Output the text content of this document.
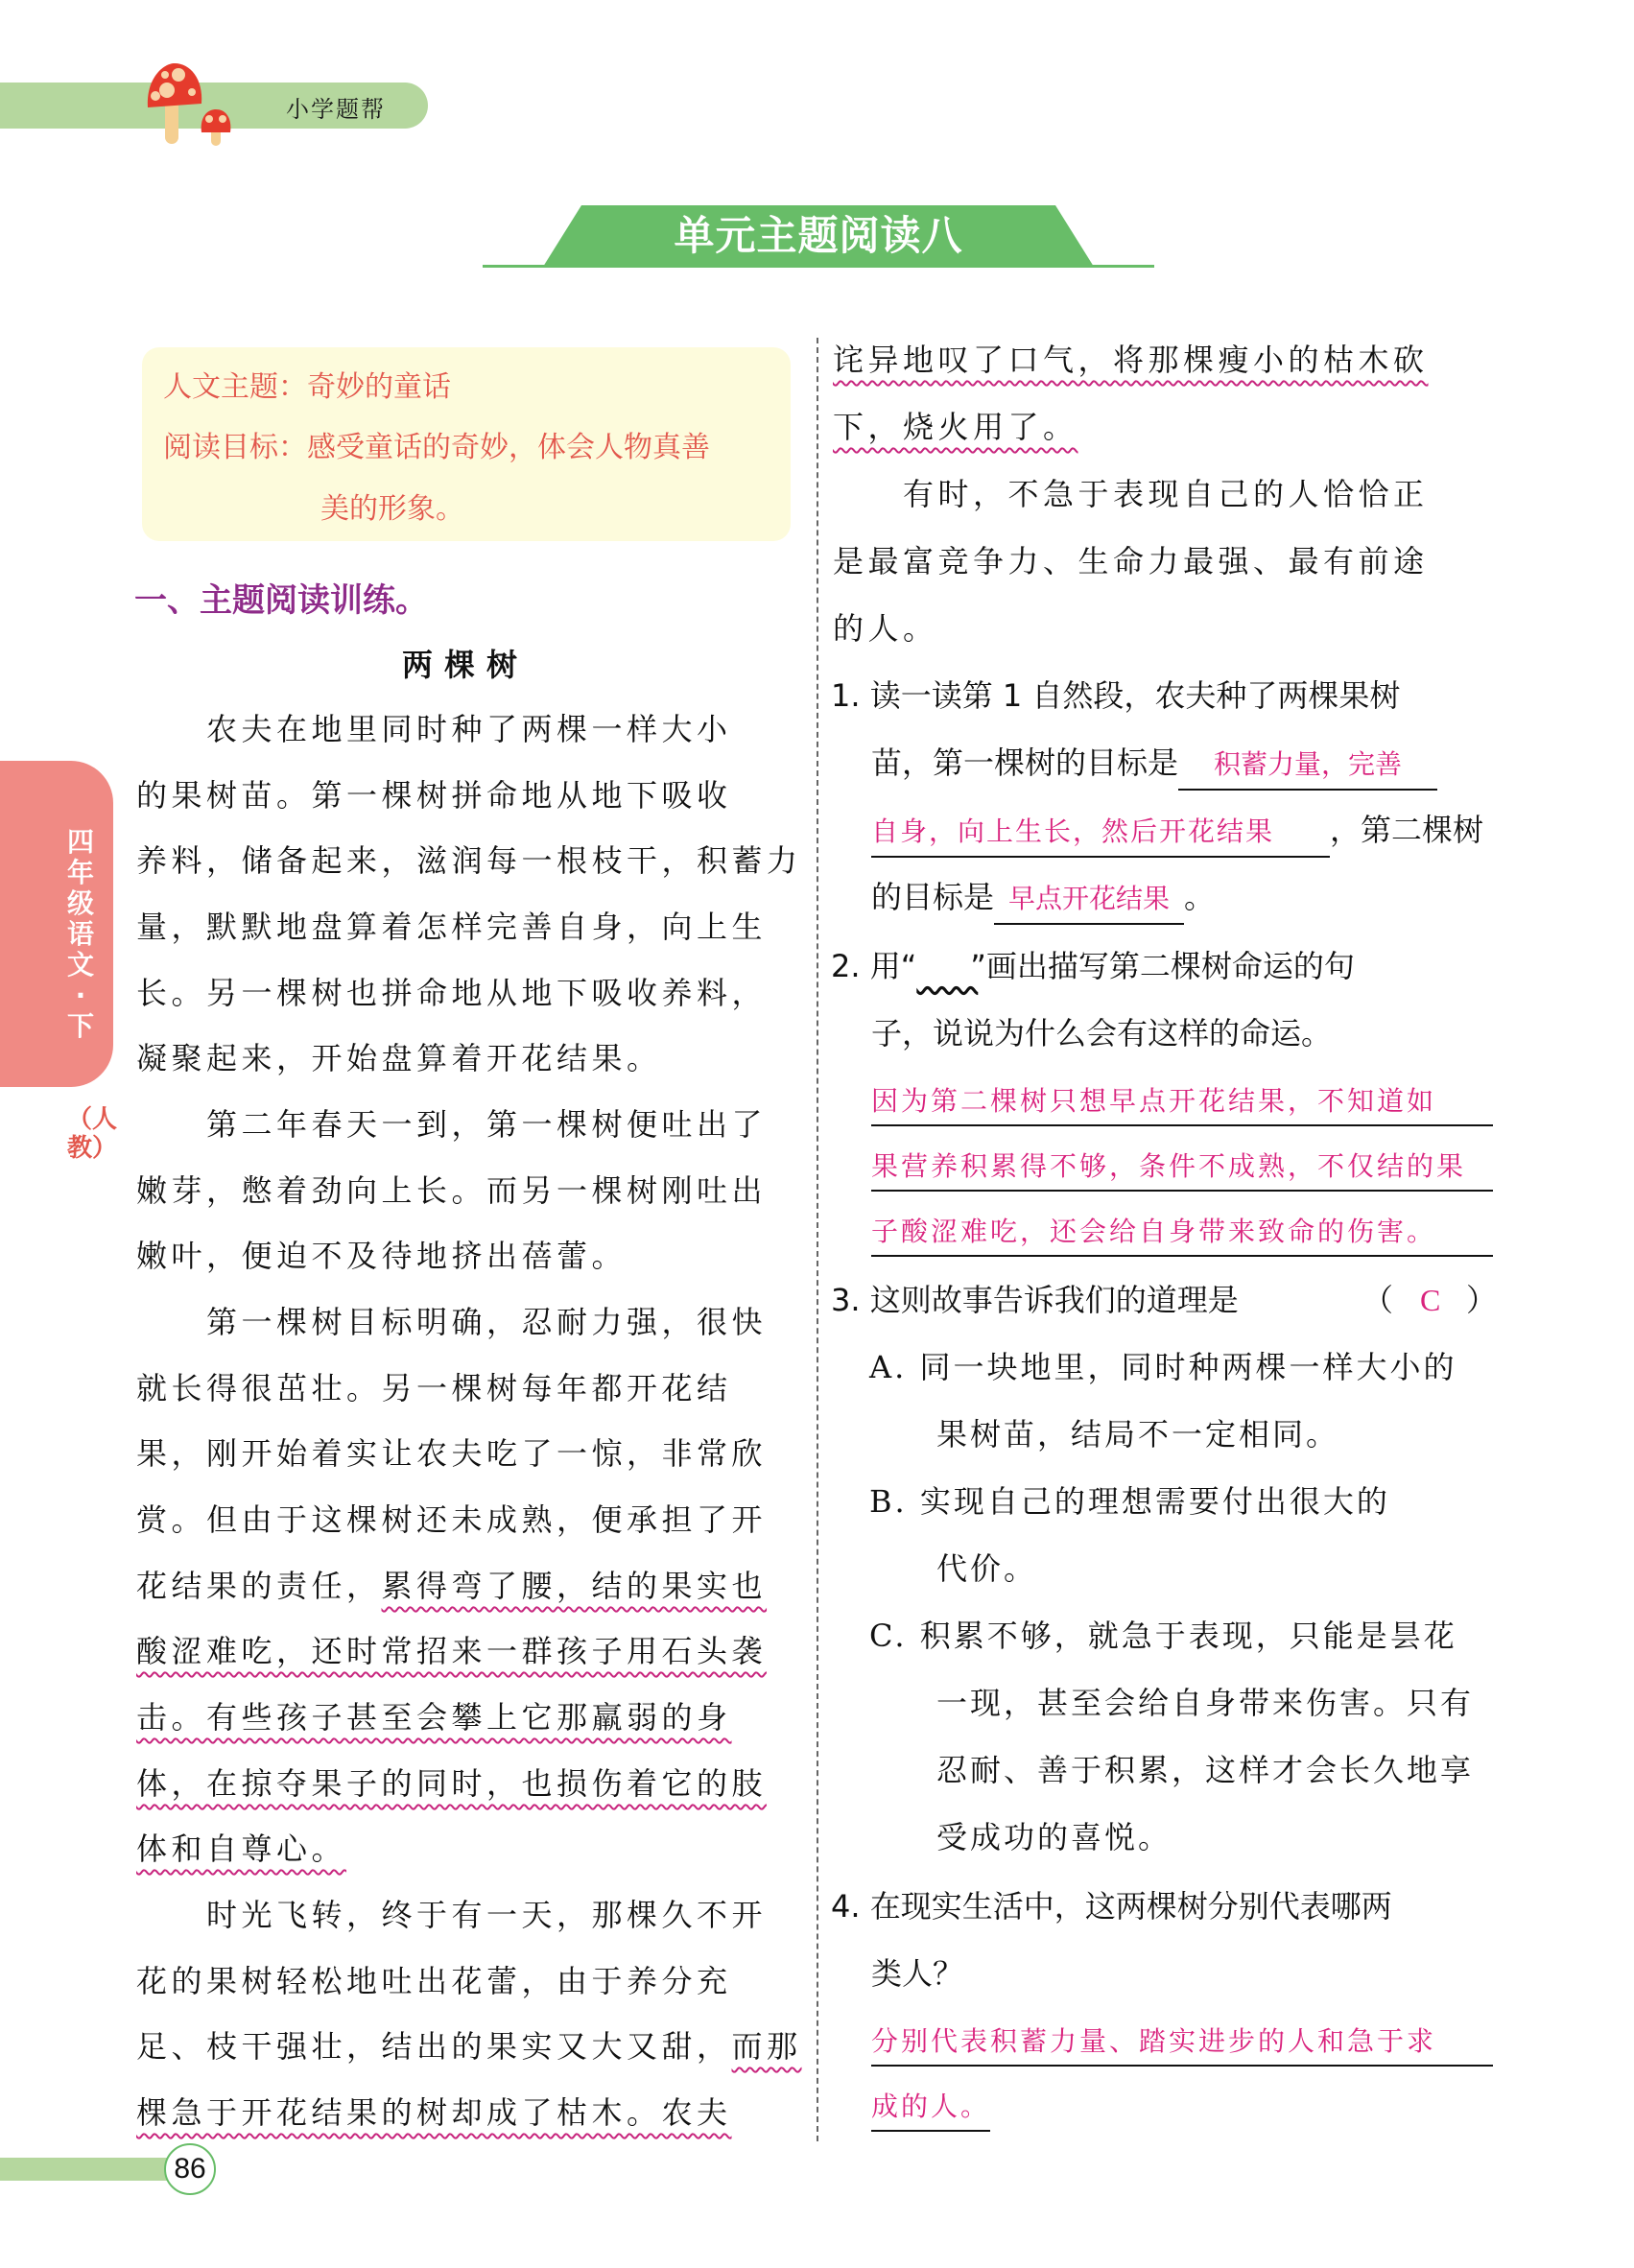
小学题帮
单元主题阅读八
人文主题：奇妙的童话
阅读目标：感受童话的奇妙，体会人物真善
美的形象。
四年级语文·下
（人教）
一、主题阅读训练。
两棵树
　　农夫在地里同时种了两棵一样大小
的果树苗。第一棵树拼命地从地下吸收
养料，储备起来，滋润每一根枝干，积蓄力
量，默默地盘算着怎样完善自身，向上生
长。另一棵树也拼命地从地下吸收养料，
凝聚起来，开始盘算着开花结果。
　　第二年春天一到，第一棵树便吐出了
嫩芽，憋着劲向上长。而另一棵树刚吐出
嫩叶，便迫不及待地挤出蓓蕾。
　　第一棵树目标明确，忍耐力强，很快
就长得很茁壮。另一棵树每年都开花结
果，刚开始着实让农夫吃了一惊，非常欣
赏。但由于这棵树还未成熟，便承担了开
花结果的责任，累得弯了腰，结的果实也
酸涩难吃，还时常招来一群孩子用石头袭
击。有些孩子甚至会攀上它那羸弱的身
体，在掠夺果子的同时，也损伤着它的肢
体和自尊心。
　　时光飞转，终于有一天，那棵久不开
花的果树轻松地吐出花蕾，由于养分充
足、枝干强壮，结出的果实又大又甜，而那
棵急于开花结果的树却成了枯木。农夫
诧异地叹了口气，将那棵瘦小的枯木砍
下，烧火用了。
　　有时，不急于表现自己的人恰恰正
是最富竞争力、生命力最强、最有前途
的人。
1. 读一读第 1 自然段，农夫种了两棵果树
苗，第一棵树的目标是 积蓄力量，完善
自身，向上生长，然后开花结果 ，第二棵树
的目标是 早点开花结果 。
2. 用“   ”画出描写第二棵树命运的句
子，说说为什么会有这样的命运。
因为第二棵树只想早点开花结果，不知道如
果营养积累得不够，条件不成熟，不仅结的果
子酸涩难吃，还会给自身带来致命的伤害。
3. 这则故事告诉我们的道理是	（ C ）
A. 同一块地里，同时种两棵一样大小的
　　果树苗，结局不一定相同。
B. 实现自己的理想需要付出很大的
　　代价。
C. 积累不够，就急于表现，只能是昙花
　　一现，甚至会给自身带来伤害。只有
　　忍耐、善于积累，这样才会长久地享
　　受成功的喜悦。
4. 在现实生活中，这两棵树分别代表哪两
类人？
分别代表积蓄力量、踏实进步的人和急于求
成的人。
86
